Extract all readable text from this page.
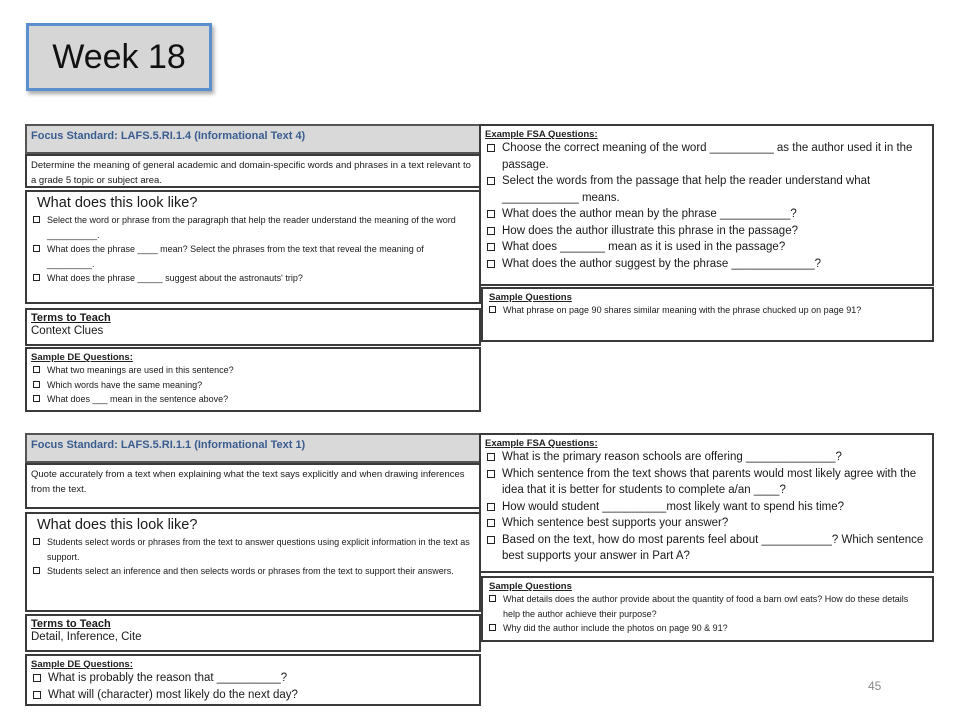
Week 18
Focus Standard: LAFS.5.RI.1.4 (Informational Text 4)
Determine the meaning of general academic and domain-specific words and phrases in a text relevant to a grade 5 topic or subject area.
What does this look like?
Select the word or phrase from the paragraph that help the reader understand the meaning of the word __________.
What does the phrase ____ mean? Select the phrases from the text that reveal the meaning of _________.
What does the phrase _____ suggest about the astronauts' trip?
Terms to Teach
Context Clues
Sample DE Questions:
What two meanings are used in this sentence?
Which words have the same meaning?
What does ___ mean in the sentence above?
Example FSA Questions:
Choose the correct meaning of the word __________ as the author used it in the passage.
Select the words from the passage that help the reader understand what ____________ means.
What does the author mean by the phrase ___________?
How does the author illustrate this phrase in the passage?
What does _______ mean as it is used in the passage?
What does the author suggest by the phrase _____________?
Sample Questions
What phrase on page 90 shares similar meaning with the phrase chucked up on page 91?
Focus Standard: LAFS.5.RI.1.1 (Informational Text 1)
Quote accurately from a text when explaining what the text says explicitly and when drawing inferences from the text.
What does this look like?
Students select words or phrases from the text to answer questions using explicit information in the text as support.
Students select an inference and then selects words or phrases from the text to support their answers.
Terms to Teach
Detail, Inference, Cite
Sample DE Questions:
What is probably the reason that __________?
What will (character) most likely do the next day?
Example FSA Questions:
What is the primary reason schools are offering ______________?
Which sentence from the text shows that parents would most likely agree with the idea that it is better for students to complete a/an ____?
How would student __________most likely want to spend his time?
Which sentence best supports your answer?
Based on the text, how do most parents feel about ___________? Which sentence best supports your answer in Part A?
Sample Questions
What details does the author provide about the quantity of food a barn owl eats? How do these details help the author achieve their purpose?
Why did the author include the photos on page 90 & 91?
45
